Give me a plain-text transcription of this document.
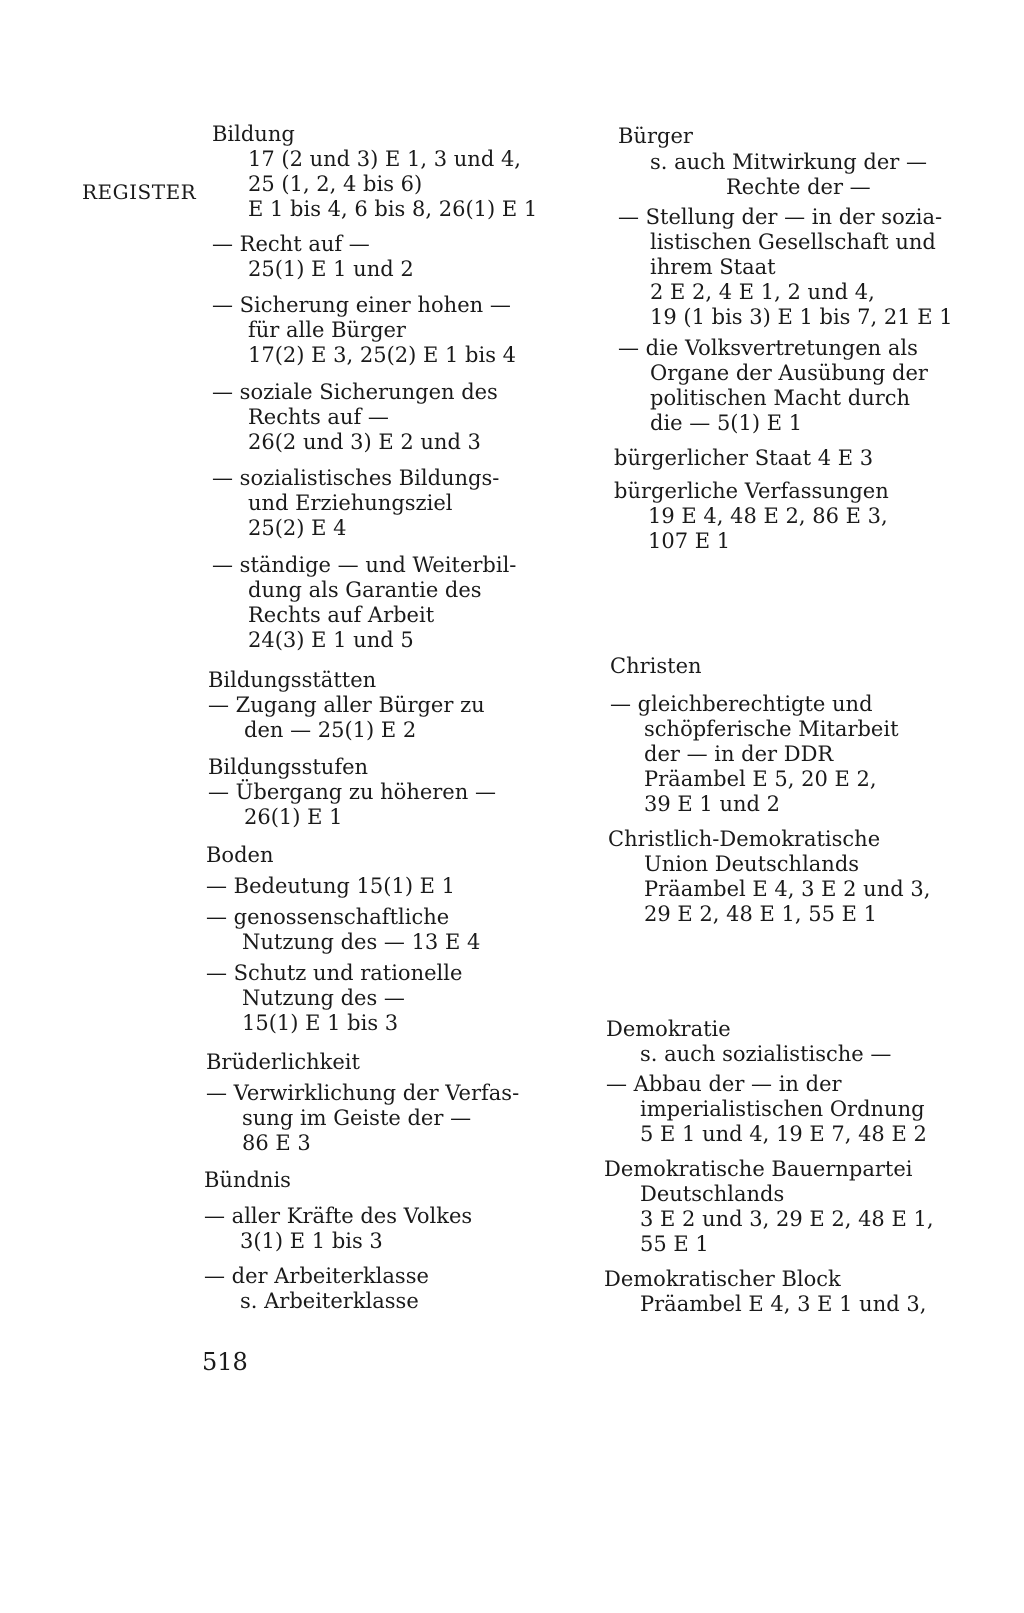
REGISTER
Bildung
17 (2 und 3) E 1, 3 und 4,
25 (1, 2, 4 bis 6)
E 1 bis 4, 6 bis 8, 26(1) E 1
— Recht auf —
25(1) E 1 und 2
— Sicherung einer hohen —
für alle Bürger
17(2) E 3, 25(2) E 1 bis 4
— soziale Sicherungen des
Rechts auf —
26(2 und 3) E 2 und 3
— sozialistisches Bildungs-
und Erziehungsziel
25(2) E 4
— ständige — und Weiterbil-
dung als Garantie des
Rechts auf Arbeit
24(3) E 1 und 5
Bildungsstätten
— Zugang aller Bürger zu
den — 25(1) E 2
Bildungsstufen
— Übergang zu höheren —
26(1) E 1
Boden
— Bedeutung 15(1) E 1
— genossenschaftliche
Nutzung des — 13 E 4
— Schutz und rationelle
Nutzung des —
15(1) E 1 bis 3
Brüderlichkeit
— Verwirklichung der Verfas-
sung im Geiste der —
86 E 3
Bündnis
— aller Kräfte des Volkes
3(1) E 1 bis 3
— der Arbeiterklasse
s. Arbeiterklasse
Bürger
s. auch Mitwirkung der —
Rechte der —
— Stellung der — in der sozia-
listischen Gesellschaft und
ihrem Staat
2 E 2, 4 E 1, 2 und 4,
19 (1 bis 3) E 1 bis 7, 21 E 1
— die Volksvertretungen als
Organe der Ausübung der
politischen Macht durch
die — 5(1) E 1
bürgerlicher Staat 4 E 3
bürgerliche Verfassungen
19 E 4, 48 E 2, 86 E 3,
107 E 1
Christen
— gleichberechtigte und
schöpferische Mitarbeit
der — in der DDR
Präambel E 5, 20 E 2,
39 E 1 und 2
Christlich-Demokratische
Union Deutschlands
Präambel E 4, 3 E 2 und 3,
29 E 2, 48 E 1, 55 E 1
Demokratie
s. auch sozialistische —
— Abbau der — in der
imperialistischen Ordnung
5 E 1 und 4, 19 E 7, 48 E 2
Demokratische Bauernpartei
Deutschlands
3 E 2 und 3, 29 E 2, 48 E 1,
55 E 1
Demokratischer Block
Präambel E 4, 3 E 1 und 3,
518
